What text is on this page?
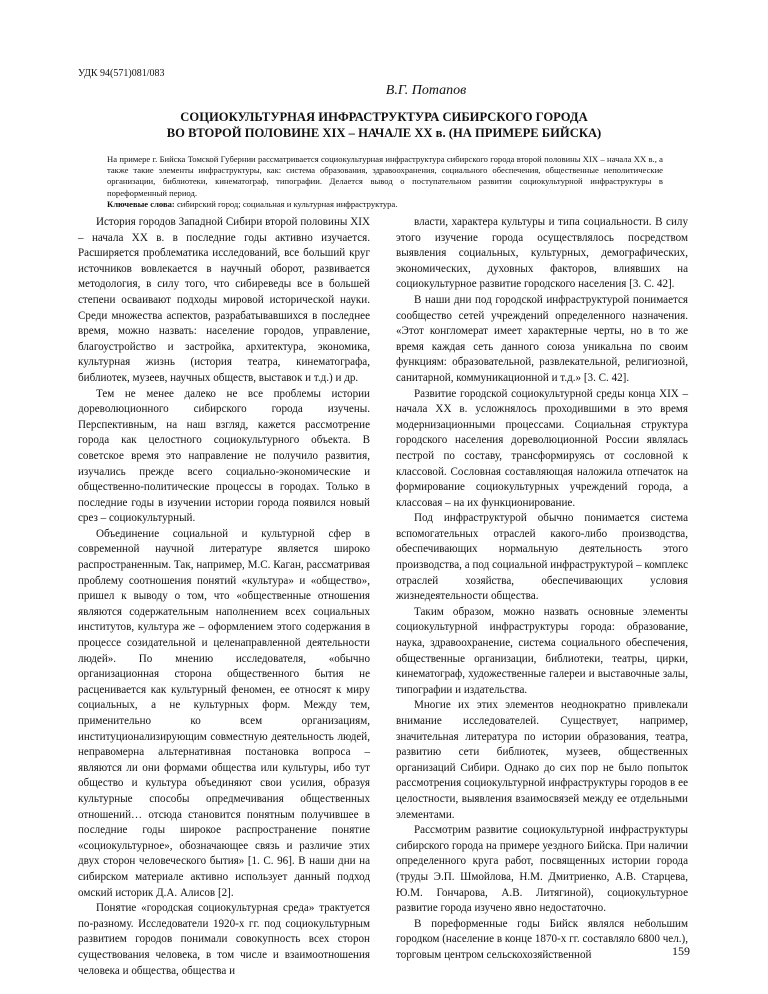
УДК 94(571)081/083
В.Г. Потапов
СОЦИОКУЛЬТУРНАЯ ИНФРАСТРУКТУРА СИБИРСКОГО ГОРОДА
ВО ВТОРОЙ ПОЛОВИНЕ XIX – НАЧАЛЕ XX в. (НА ПРИМЕРЕ БИЙСКА)
На примере г. Бийска Томской Губернии рассматривается социокультурная инфраструктура сибирского города второй половины XIX – начала XX в., а также такие элементы инфраструктуры, как: система образования, здравоохранения, социального обеспечения, общественные неполитические организации, библиотеки, кинематограф, типографии. Делается вывод о поступательном развитии социокультурной инфраструктуры в пореформенный период.
Ключевые слова: сибирский город; социальная и культурная инфраструктура.

История городов Западной Сибири второй половины XIX – начала XX в. в последние годы активно изучается. Расширяется проблематика исследований, все больший круг источников вовлекается в научный оборот, развивается методология, в силу того, что сибиреведы все в большей степени осваивают подходы мировой исторической науки. Среди множества аспектов, разрабатывавшихся в последнее время, можно назвать: население городов, управление, благоустройство и застройка, архитектура, экономика, культурная жизнь (история театра, кинематографа, библиотек, музеев, научных обществ, выставок и т.д.) и др.

Тем не менее далеко не все проблемы истории дореволюционного сибирского города изучены. Перспективным, на наш взгляд, кажется рассмотрение города как целостного социокультурного объекта. В советское время это направление не получило развития, изучались прежде всего социально-экономические и общественно-политические процессы в городах. Только в последние годы в изучении истории города появился новый срез – социокультурный.

Объединение социальной и культурной сфер в современной научной литературе является широко распространенным. Так, например, М.С. Каган, рассматривая проблему соотношения понятий «культура» и «общество», пришел к выводу о том, что «общественные отношения являются содержательным наполнением всех социальных институтов, культура же – оформлением этого содержания в процессе созидательной и целенаправленной деятельности людей». По мнению исследователя, «обычно организационная сторона общественного бытия не расценивается как культурный феномен, ее относят к миру социальных, а не культурных форм. Между тем, применительно ко всем организациям, институционализирующим совместную деятельность людей, неправомерна альтернативная постановка вопроса – являются ли они формами общества или культуры, ибо тут общество и культура объединяют свои усилия, образуя культурные способы опредмечивания общественных отношений… отсюда становится понятным получившее в последние годы широкое распространение понятие «социокультурное», обозначающее связь и различие этих двух сторон человеческого бытия» [1. С. 96]. В наши дни на сибирском материале активно использует данный подход омский историк Д.А. Алисов [2].

Понятие «городская социокультурная среда» трактуется по-разному. Исследователи 1920-х гг. под социокультурным развитием городов понимали совокупность всех сторон существования человека, в том числе и взаимоотношения человека и общества, общества и

власти, характера культуры и типа социальности. В силу этого изучение города осуществлялось посредством выявления социальных, культурных, демографических, экономических, духовных факторов, влиявших на социокультурное развитие городского населения [3. С. 42].

В наши дни под городской инфраструктурой понимается сообщество сетей учреждений определенного назначения. «Этот конгломерат имеет характерные черты, но в то же время каждая сеть данного союза уникальна по своим функциям: образовательной, развлекательной, религиозной, санитарной, коммуникационной и т.д.» [3. С. 42].

Развитие городской социокультурной среды конца XIX – начала XX в. усложнялось проходившими в это время модернизационными процессами. Социальная структура городского населения дореволюционной России являлась пестрой по составу, трансформируясь от сословной к классовой. Сословная составляющая наложила отпечаток на формирование социокультурных учреждений города, а классовая – на их функционирование.

Под инфраструктурой обычно понимается система вспомогательных отраслей какого-либо производства, обеспечивающих нормальную деятельность этого производства, а под социальной инфраструктурой – комплекс отраслей хозяйства, обеспечивающих условия жизнедеятельности общества.

Таким образом, можно назвать основные элементы социокультурной инфраструктуры города: образование, наука, здравоохранение, система социального обеспечения, общественные организации, библиотеки, театры, цирки, кинематограф, художественные галереи и выставочные залы, типографии и издательства.

Многие их этих элементов неоднократно привлекали внимание исследователей. Существует, например, значительная литература по истории образования, театра, развитию сети библиотек, музеев, общественных организаций Сибири. Однако до сих пор не было попыток рассмотрения социокультурной инфраструктуры городов в ее целостности, выявления взаимосвязей между ее отдельными элементами.

Рассмотрим развитие социокультурной инфраструктуры сибирского города на примере уездного Бийска. При наличии определенного круга работ, посвященных истории города (труды Э.П. Шмойлова, Н.М. Дмитриенко, А.В. Старцева, Ю.М. Гончарова, А.В. Литягиной), социокультурное развитие города изучено явно недостаточно.

В пореформенные годы Бийск являлся небольшим городком (население в конце 1870-х гг. составляло 6800 чел.), торговым центром сельскохозяйственной	159
